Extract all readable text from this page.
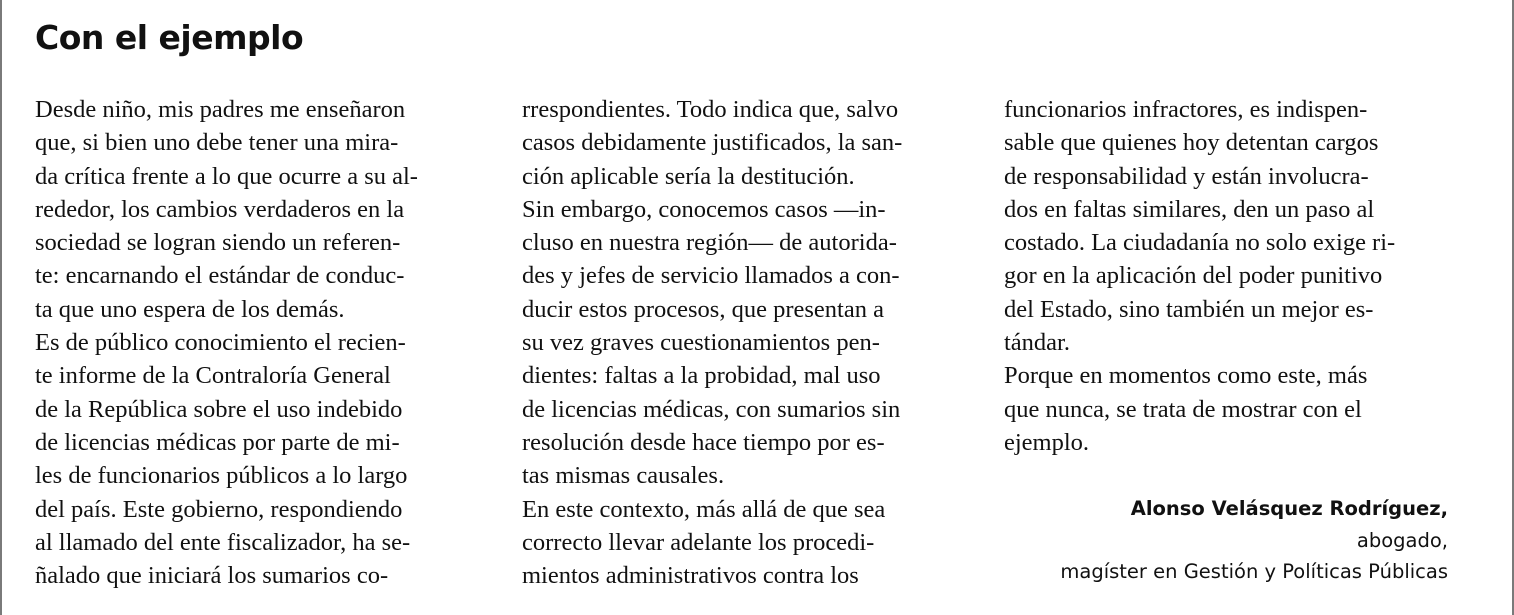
Con el ejemplo
Desde niño, mis padres me enseñaron
que, si bien uno debe tener una mira-
da crítica frente a lo que ocurre a su al-
rededor, los cambios verdaderos en la
sociedad se logran siendo un referen-
te: encarnando el estándar de conduc-
ta que uno espera de los demás.
Es de público conocimiento el recien-
te informe de la Contraloría General
de la República sobre el uso indebido
de licencias médicas por parte de mi-
les de funcionarios públicos a lo largo
del país. Este gobierno, respondiendo
al llamado del ente fiscalizador, ha se-
ñalado que iniciará los sumarios co-
rrespondientes. Todo indica que, salvo
casos debidamente justificados, la san-
ción aplicable sería la destitución.
Sin embargo, conocemos casos —in-
cluso en nuestra región— de autorida-
des y jefes de servicio llamados a con-
ducir estos procesos, que presentan a
su vez graves cuestionamientos pen-
dientes: faltas a la probidad, mal uso
de licencias médicas, con sumarios sin
resolución desde hace tiempo por es-
tas mismas causales.
En este contexto, más allá de que sea
correcto llevar adelante los procedi-
mientos administrativos contra los
funcionarios infractores, es indispen-
sable que quienes hoy detentan cargos
de responsabilidad y están involucra-
dos en faltas similares, den un paso al
costado. La ciudadanía no solo exige ri-
gor en la aplicación del poder punitivo
del Estado, sino también un mejor es-
tándar.
Porque en momentos como este, más
que nunca, se trata de mostrar con el
ejemplo.
Alonso Velásquez Rodríguez,
abogado,
magíster en Gestión y Políticas Públicas
